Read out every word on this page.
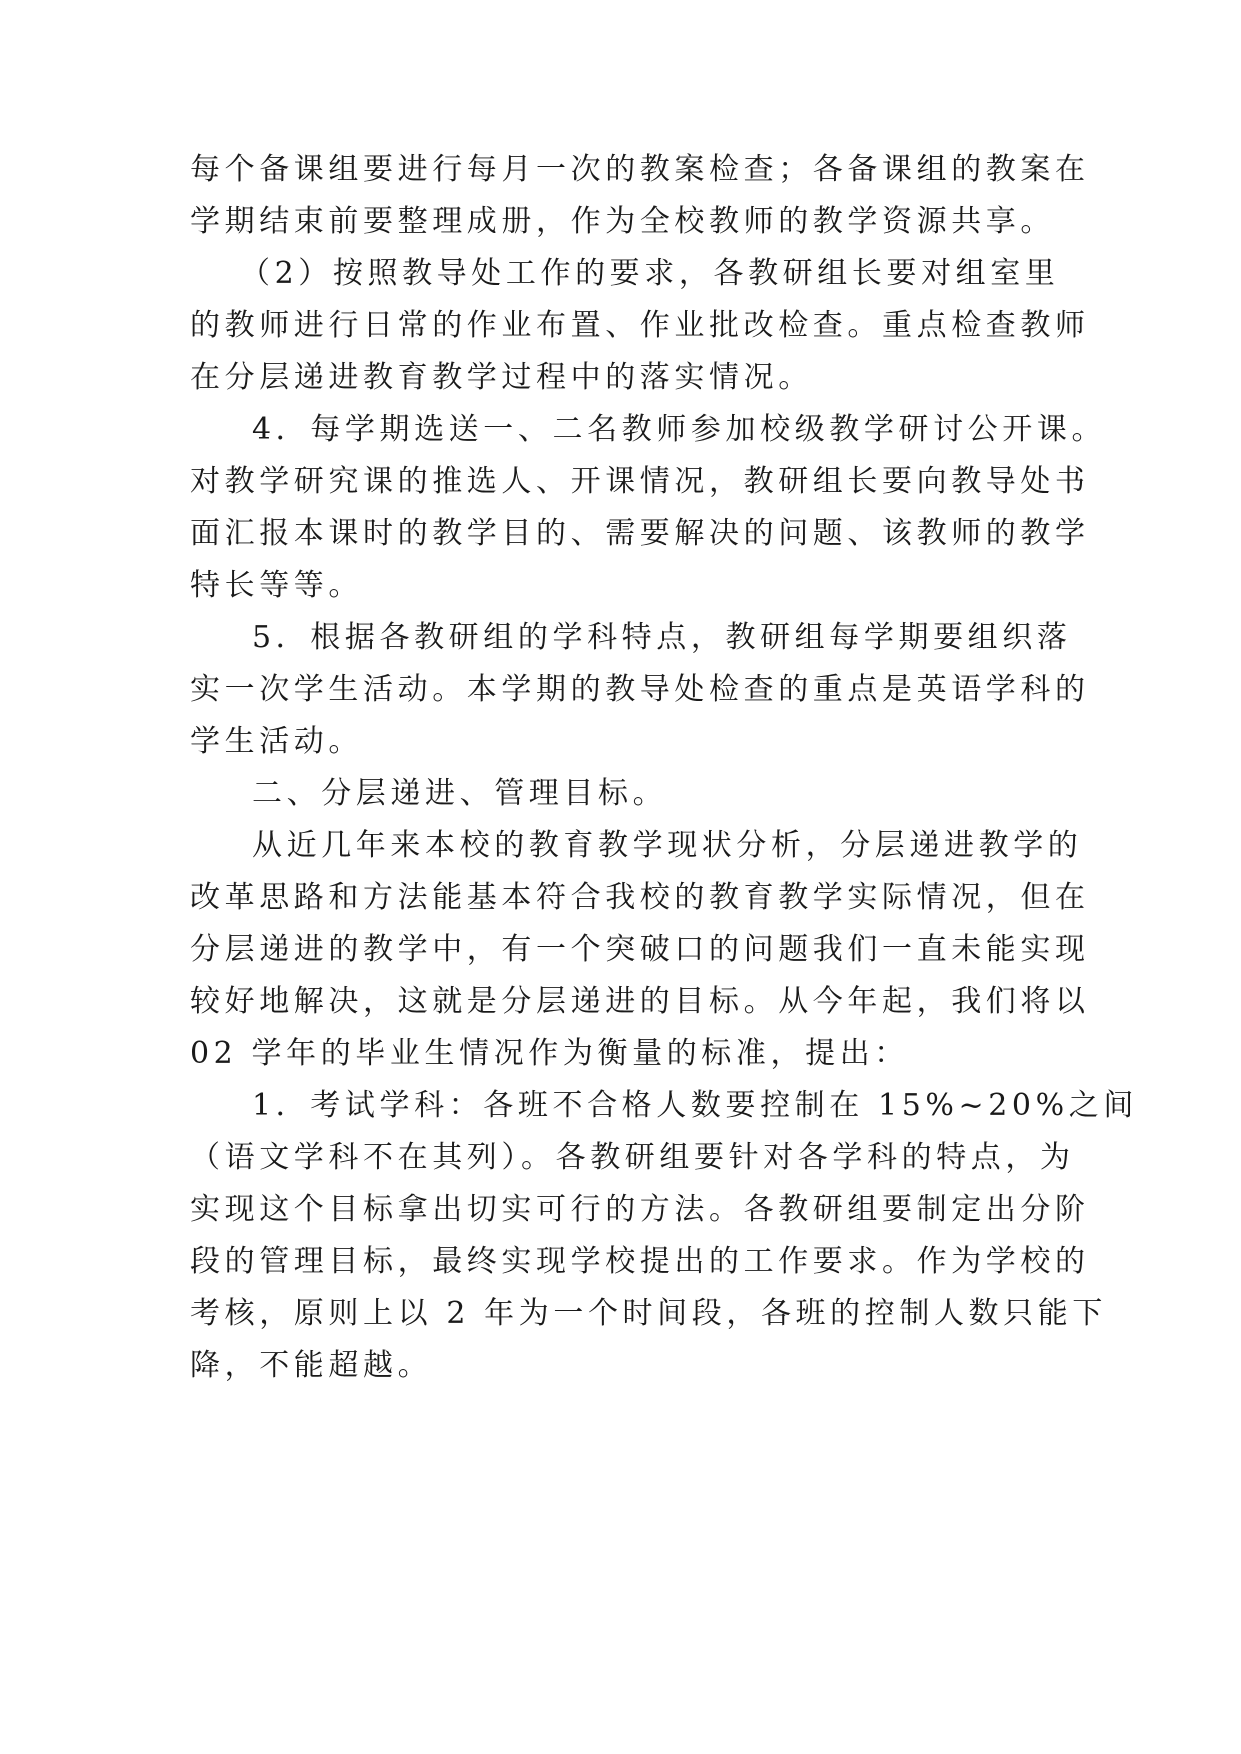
每个备课组要进行每月一次的教案检查；各备课组的教案在
学期结束前要整理成册，作为全校教师的教学资源共享。
（2）按照教导处工作的要求，各教研组长要对组室里
的教师进行日常的作业布置、作业批改检查。重点检查教师
在分层递进教育教学过程中的落实情况。
4．每学期选送一、二名教师参加校级教学研讨公开课。
对教学研究课的推选人、开课情况，教研组长要向教导处书
面汇报本课时的教学目的、需要解决的问题、该教师的教学
特长等等。
5．根据各教研组的学科特点，教研组每学期要组织落
实一次学生活动。本学期的教导处检查的重点是英语学科的
学生活动。
二、分层递进、管理目标。
从近几年来本校的教育教学现状分析，分层递进教学的
改革思路和方法能基本符合我校的教育教学实际情况，但在
分层递进的教学中，有一个突破口的问题我们一直未能实现
较好地解决，这就是分层递进的目标。从今年起，我们将以
02 学年的毕业生情况作为衡量的标准，提出：
1．考试学科：各班不合格人数要控制在 15%~20%之间
（语文学科不在其列）。各教研组要针对各学科的特点，为
实现这个目标拿出切实可行的方法。各教研组要制定出分阶
段的管理目标，最终实现学校提出的工作要求。作为学校的
考核，原则上以 2 年为一个时间段，各班的控制人数只能下
降，不能超越。
